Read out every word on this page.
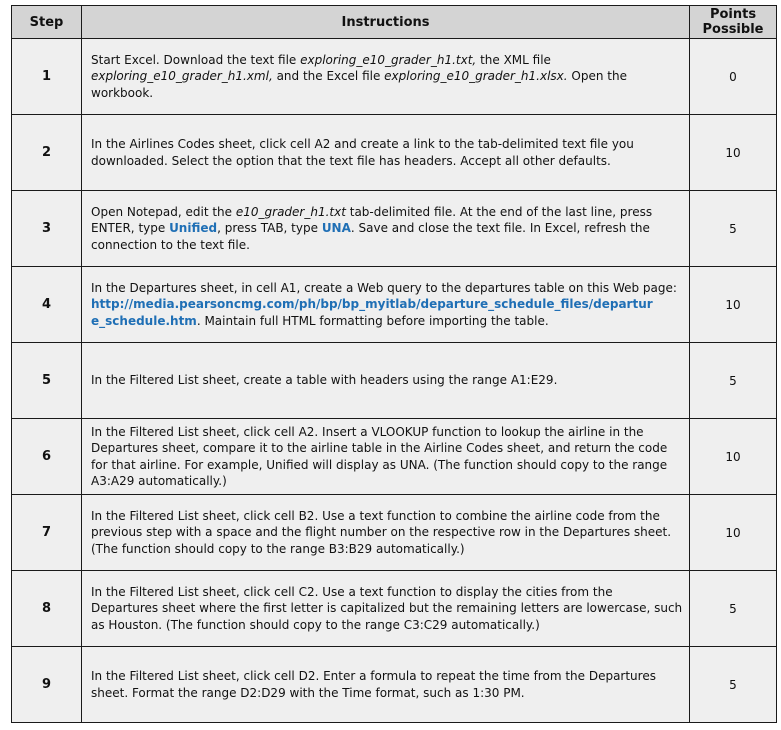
Step	Instructions	Points Possible
1	Start Excel. Download the text file exploring_e10_grader_h1.txt, the XML file exploring_e10_grader_h1.xml, and the Excel file exploring_e10_grader_h1.xlsx. Open the workbook.	0
2	In the Airlines Codes sheet, click cell A2 and create a link to the tab-delimited text file you downloaded. Select the option that the text file has headers. Accept all other defaults.	10
3	Open Notepad, edit the e10_grader_h1.txt tab-delimited file. At the end of the last line, press ENTER, type Unified, press TAB, type UNA. Save and close the text file. In Excel, refresh the connection to the text file.	5
4	In the Departures sheet, in cell A1, create a Web query to the departures table on this Web page: http://media.pearsoncmg.com/ph/bp/bp_myitlab/departure_schedule_files/departur e_schedule.htm. Maintain full HTML formatting before importing the table.	10
5	In the Filtered List sheet, create a table with headers using the range A1:E29.	5
6	In the Filtered List sheet, click cell A2. Insert a VLOOKUP function to lookup the airline in the Departures sheet, compare it to the airline table in the Airline Codes sheet, and return the code for that airline. For example, Unified will display as UNA. (The function should copy to the range A3:A29 automatically.)	10
7	In the Filtered List sheet, click cell B2. Use a text function to combine the airline code from the previous step with a space and the flight number on the respective row in the Departures sheet. (The function should copy to the range B3:B29 automatically.)	10
8	In the Filtered List sheet, click cell C2. Use a text function to display the cities from the Departures sheet where the first letter is capitalized but the remaining letters are lowercase, such as Houston. (The function should copy to the range C3:C29 automatically.)	5
9	In the Filtered List sheet, click cell D2. Enter a formula to repeat the time from the Departures sheet. Format the range D2:D29 with the Time format, such as 1:30 PM.	5
